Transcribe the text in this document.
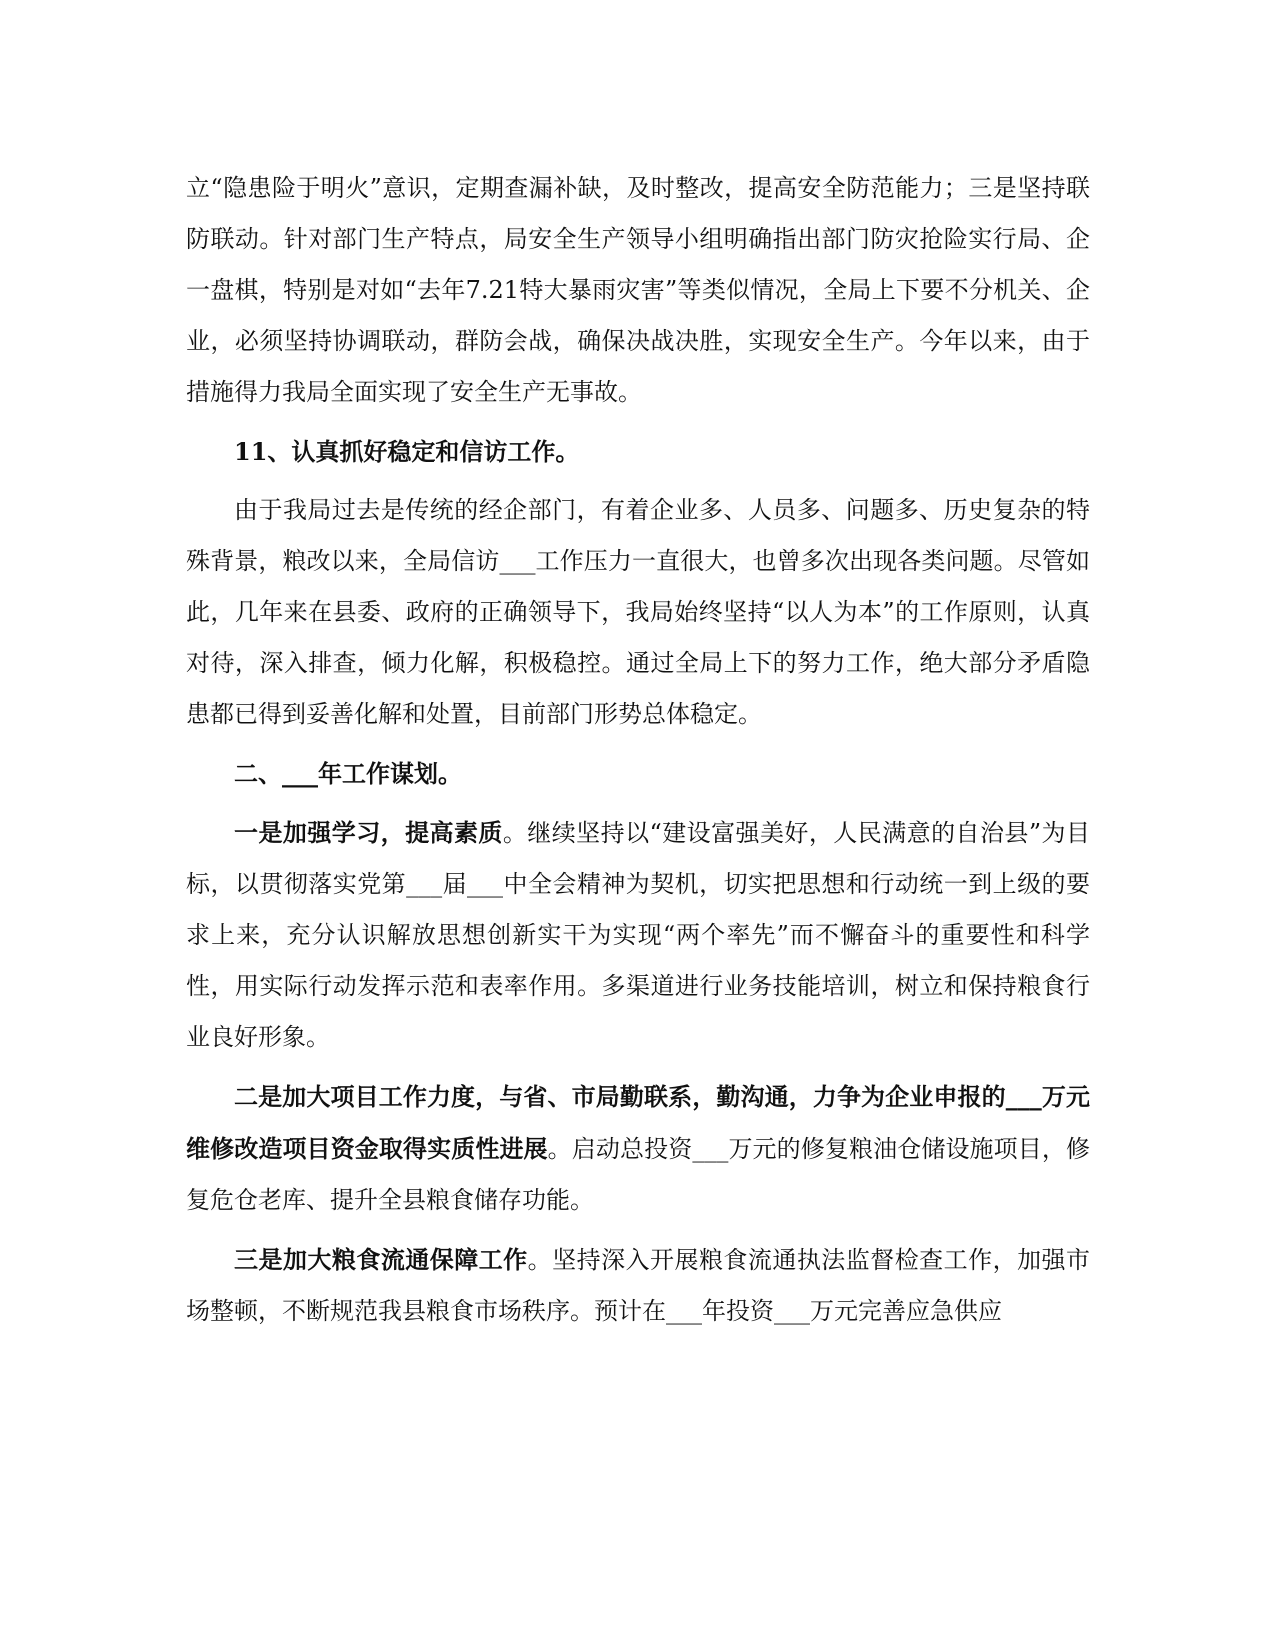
立“隐患险于明火”意识，定期查漏补缺，及时整改，提高安全防范能力；三是坚持联防联动。针对部门生产特点，局安全生产领导小组明确指出部门防灾抢险实行局、企一盘棋，特别是对如“去年7.21特大暴雨灾害”等类似情况，全局上下要不分机关、企业，必须坚持协调联动，群防会战，确保决战决胜，实现安全生产。今年以来，由于措施得力我局全面实现了安全生产无事故。

11、认真抓好稳定和信访工作。

由于我局过去是传统的经企部门，有着企业多、人员多、问题多、历史复杂的特殊背景，粮改以来，全局信访___工作压力一直很大，也曾多次出现各类问题。尽管如此，几年来在县委、政府的正确领导下，我局始终坚持“以人为本”的工作原则，认真对待，深入排查，倾力化解，积极稳控。通过全局上下的努力工作，绝大部分矛盾隐患都已得到妥善化解和处置，目前部门形势总体稳定。

二、___年工作谋划。

一是加强学习，提高素质。继续坚持以“建设富强美好，人民满意的自治县”为目标，以贯彻落实党第___届___中全会精神为契机，切实把思想和行动统一到上级的要求上来，充分认识解放思想创新实干为实现“两个率先”而不懈奋斗的重要性和科学性，用实际行动发挥示范和表率作用。多渠道进行业务技能培训，树立和保持粮食行业良好形象。

二是加大项目工作力度，与省、市局勤联系，勤沟通，力争为企业申报的___万元维修改造项目资金取得实质性进展。启动总投资___万元的修复粮油仓储设施项目，修复危仓老库、提升全县粮食储存功能。

三是加大粮食流通保障工作。坚持深入开展粮食流通执法监督检查工作，加强市场整顿，不断规范我县粮食市场秩序。预计在___年投资___万元完善应急供应
